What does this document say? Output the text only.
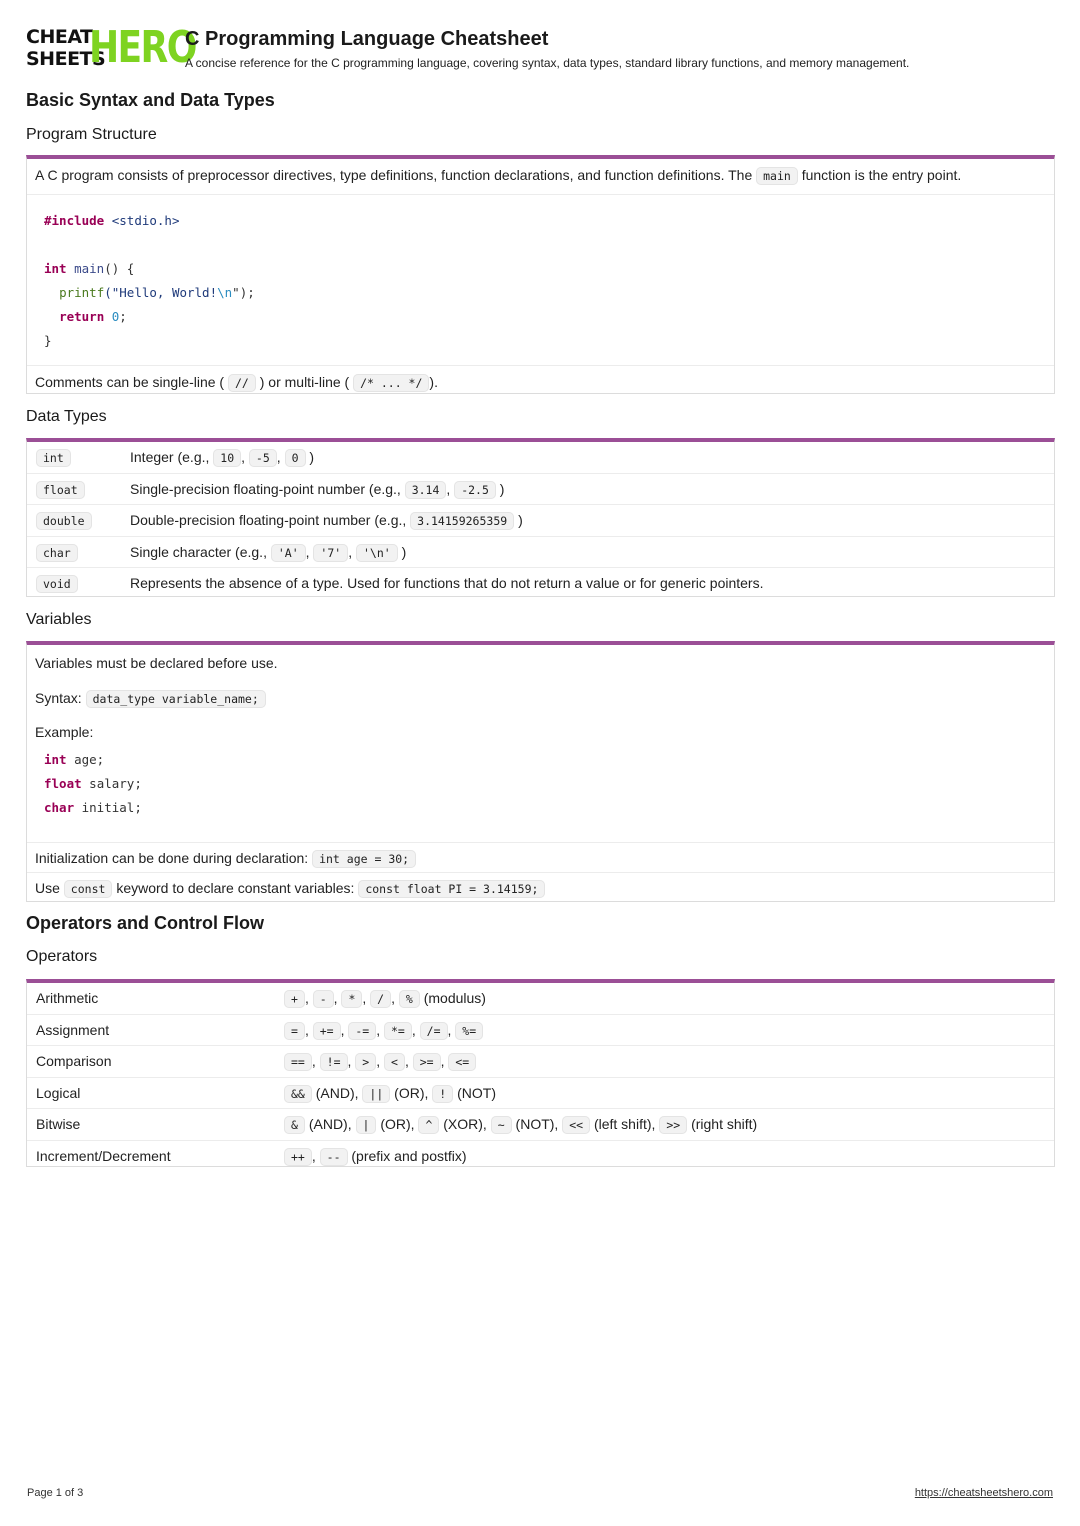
CHEAT
SHEETS
HERO
C Programming Language Cheatsheet
A concise reference for the C programming language, covering syntax, data types, standard library functions, and memory management.
Basic Syntax and Data Types
Program Structure
A C program consists of preprocessor directives, type definitions, function declarations, and function definitions. The main function is the entry point.
#include <stdio.h>

int main() {
printf("Hello, World!\n");
return 0;
}
Comments can be single-line ( // ) or multi-line ( /* ... */ ).
Data Types
int	Integer (e.g., 10 , -5 , 0 )
float	Single-precision floating-point number (e.g., 3.14 , -2.5 )
double	Double-precision floating-point number (e.g., 3.14159265359 )
char	Single character (e.g., 'A' , '7' , '\n' )
void	Represents the absence of a type. Used for functions that do not return a value or for generic pointers.
Variables
Variables must be declared before use.
Syntax: data_type variable_name;
Example:
int age;
float salary;
char initial;
Initialization can be done during declaration: int age = 30;
Use const keyword to declare constant variables: const float PI = 3.14159;
Operators and Control Flow
Operators
Arithmetic	+ , - , * , / , % (modulus)
Assignment	= , += , -= , *= , /= , %=
Comparison	== , != , > , < , >= , <=
Logical	&& (AND), || (OR), ! (NOT)
Bitwise	& (AND), | (OR), ^ (XOR), ~ (NOT), << (left shift), >> (right shift)
Increment/Decrement	++ , -- (prefix and postfix)
Page 1 of 3	https://cheatsheetshero.com
